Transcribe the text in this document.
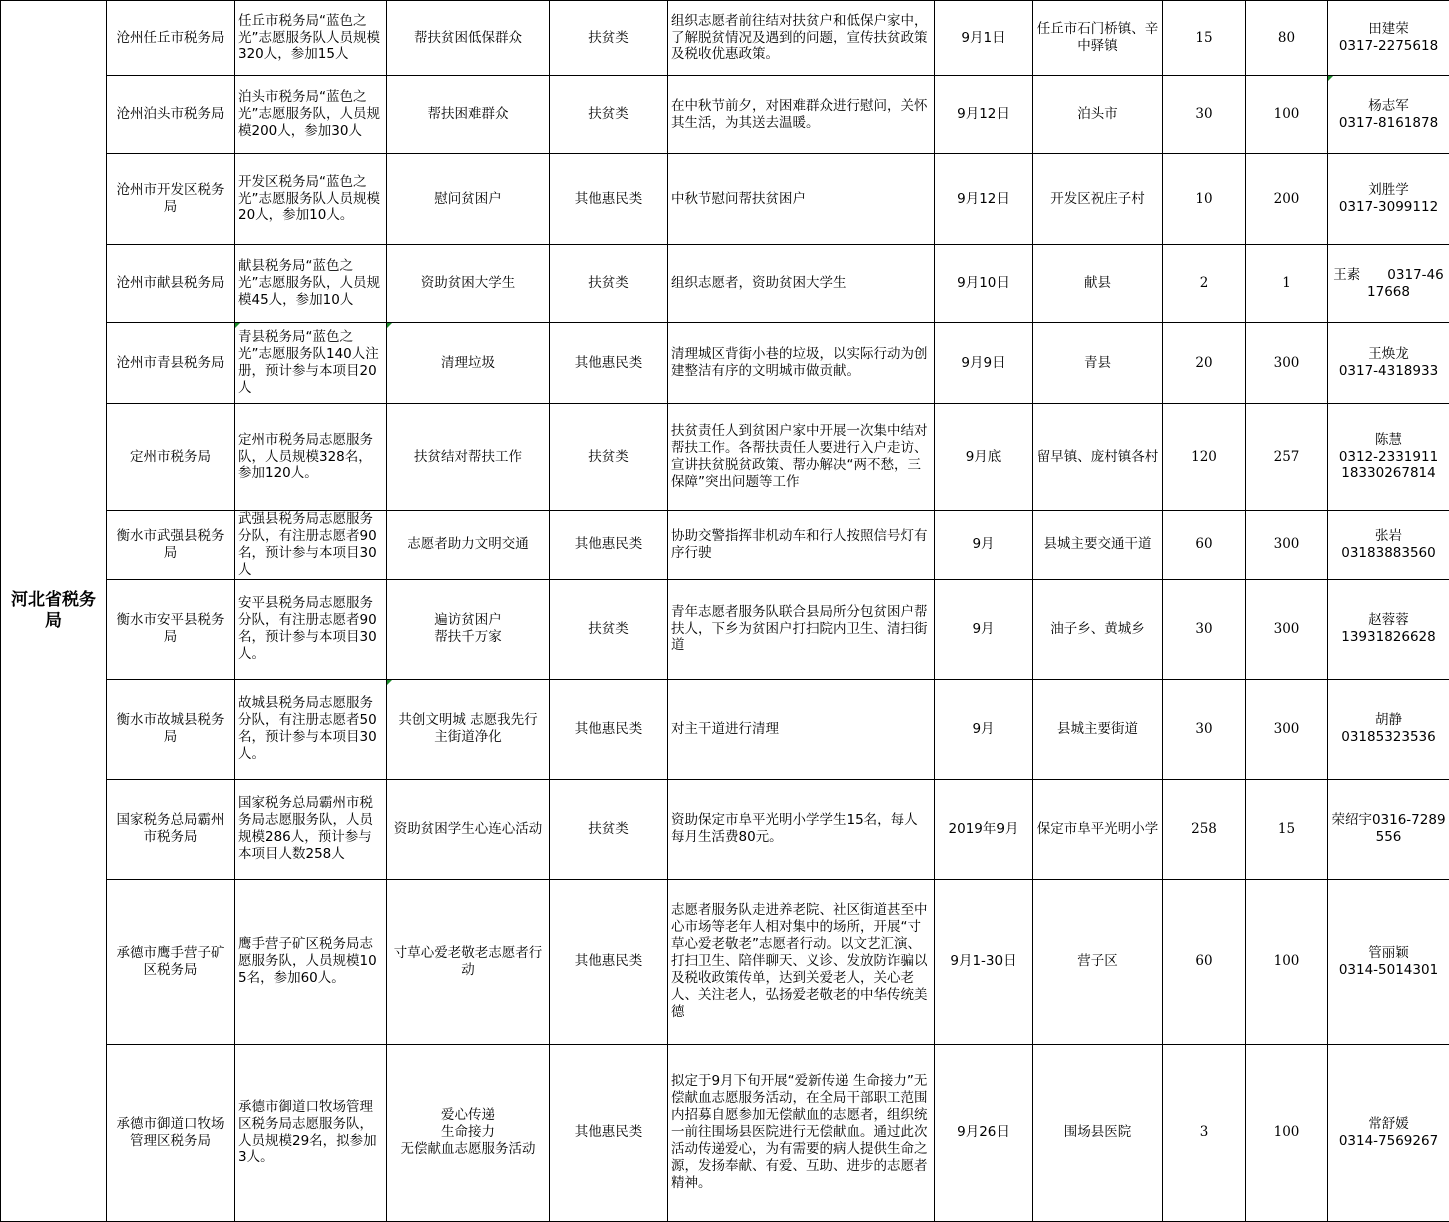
河北省税务局	沧州任丘市税务局	任丘市税务局“蓝色之光”志愿服务队人员规模320人，参加15人	帮扶贫困低保群众	扶贫类	组织志愿者前往结对扶贫户和低保户家中，了解脱贫情况及遇到的问题，宣传扶贫政策及税收优惠政策。	9月1日	任丘市石门桥镇、辛中驿镇	15	80	田建荣
0317-2275618

	沧州泊头市税务局	泊头市税务局“蓝色之光”志愿服务队，人员规模200人，参加30人	帮扶困难群众	扶贫类	在中秋节前夕，对困难群众进行慰问，关怀其生活，为其送去温暖。	9月12日	泊头市	30	100	杨志军
0317-8161878

	沧州市开发区税务局	开发区税务局“蓝色之光”志愿服务队人员规模20人，参加10人。	慰问贫困户	其他惠民类	中秋节慰问帮扶贫困户	9月12日	开发区祝庄子村	10	200	刘胜学
0317-3099112

	沧州市献县税务局	献县税务局“蓝色之光”志愿服务队，人员规模45人，参加10人	资助贫困大学生	扶贫类	组织志愿者，资助贫困大学生	9月10日	献县	2	1	王素　　0317-4617668

	沧州市青县税务局	青县税务局“蓝色之光”志愿服务队140人注册，预计参与本项目20人	清理垃圾	其他惠民类	清理城区背街小巷的垃圾，以实际行动为创建整洁有序的文明城市做贡献。	9月9日	青县	20	300	王焕龙
0317-4318933

	定州市税务局	定州市税务局志愿服务队，人员规模328名，参加120人。	扶贫结对帮扶工作	扶贫类	扶贫责任人到贫困户家中开展一次集中结对帮扶工作。各帮扶责任人要进行入户走访、宣讲扶贫脱贫政策、帮办解决“两不愁，三保障”突出问题等工作	9月底	留早镇、庞村镇各村	120	257	陈慧
0312-2331911
18330267814

	衡水市武强县税务局	武强县税务局志愿服务分队，有注册志愿者90名，预计参与本项目30人	志愿者助力文明交通	其他惠民类	协助交警指挥非机动车和行人按照信号灯有序行驶	9月	县城主要交通干道	60	300	张岩
03183883560

	衡水市安平县税务局	安平县税务局志愿服务分队，有注册志愿者90名，预计参与本项目30人。	遍访贫困户
帮扶千万家	扶贫类	青年志愿者服务队联合县局所分包贫困户帮扶人，下乡为贫困户打扫院内卫生、清扫街道	9月	油子乡、黄城乡	30	300	赵蓉蓉
13931826628

	衡水市故城县税务局	故城县税务局志愿服务分队，有注册志愿者50名，预计参与本项目30人。	共创文明城 志愿我先行 主街道净化	其他惠民类	对主干道进行清理	9月	县城主要街道	30	300	胡静
03185323536

	国家税务总局霸州市税务局	国家税务总局霸州市税务局志愿服务队，人员规模286人，预计参与本项目人数258人	资助贫困学生心连心活动	扶贫类	资助保定市阜平光明小学学生15名，每人每月生活费80元。	2019年9月	保定市阜平光明小学	258	15	荣绍宇0316-7289556

	承德市鹰手营子矿区税务局	鹰手营子矿区税务局志愿服务队，人员规模105名，参加60人。	寸草心爱老敬老志愿者行动	其他惠民类	志愿者服务队走进养老院、社区街道甚至中心市场等老年人相对集中的场所，开展“寸草心爱老敬老”志愿者行动。以文艺汇演、打扫卫生、陪伴聊天、义诊、发放防诈骗以及税收政策传单，达到关爱老人，关心老人、关注老人，弘扬爱老敬老的中华传统美德	9月1-30日	营子区	60	100	管丽颖
0314-5014301

	承德市御道口牧场管理区税务局	承德市御道口牧场管理区税务局志愿服务队，人员规模29名，拟参加3人。	爱心传递
生命接力
无偿献血志愿服务活动	其他惠民类	拟定于9月下旬开展“爱新传递 生命接力”无偿献血志愿服务活动，在全局干部职工范围内招募自愿参加无偿献血的志愿者，组织统一前往围场县医院进行无偿献血。通过此次活动传递爱心，为有需要的病人提供生命之源，发扬奉献、有爱、互助、进步的志愿者精神。	9月26日	围场县医院	3	100	常舒媛
0314-7569267
